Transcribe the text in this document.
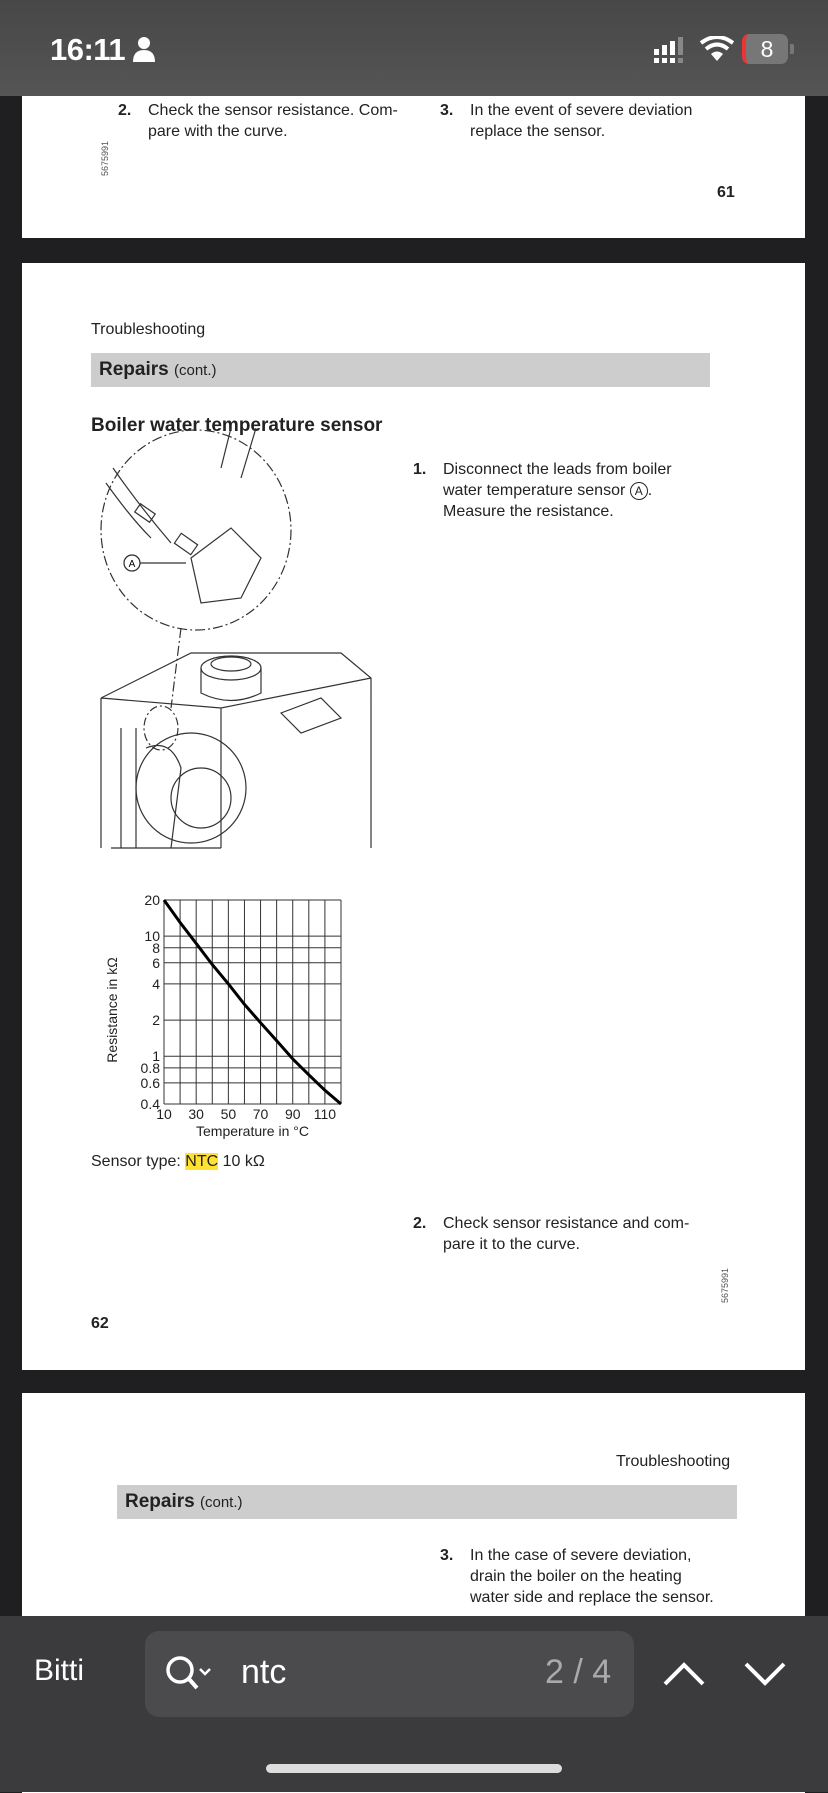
16:11	8
2. Check the sensor resistance. Com-
pare with the curve.
3. In the event of severe deviation
replace the sensor.
5675991
61
Troubleshooting
Repairs (cont.)
Boiler water temperature sensor
A
1. Disconnect the leads from boiler
water temperature sensor A .
Measure the resistance.
20
10
8
6
4
2
1
0.8
0.6
0.4
10 30 50 70 90 110
Temperature in °C
Resistance in kΩ
Sensor type: NTC 10 kΩ
2. Check sensor resistance and com-
pare it to the curve.
5675991
62
Troubleshooting
Repairs (cont.)
3. In the case of severe deviation,
drain the boiler on the heating
water side and replace the sensor.
Bitti	ntc	2 / 4
